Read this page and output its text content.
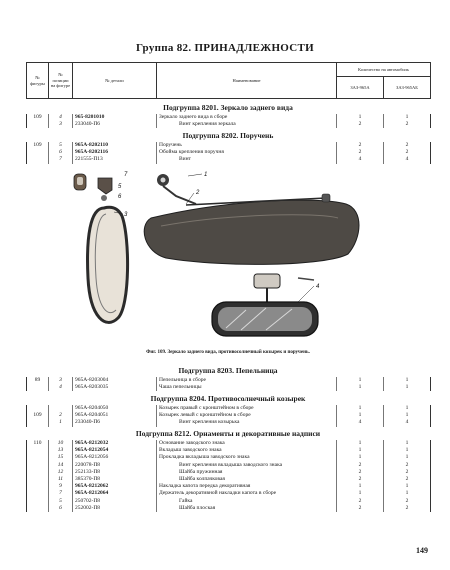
Группа 82. ПРИНАДЛЕЖНОСТИ
№ фигуры	№ позиции на фигуре	№ детали	Наименование	Количество на автомобиль	
				ЗАЗ-965А	ЗАЗ-965АБ
Подгруппа 8201. Зеркало заднего вида
109	4	965-8201010	Зеркало заднего вида в сборе	1	1
	3	233040-П6	Винт крепления зеркала	2	2
Подгруппа 8202. Поручень
109	5	965А-8202110	Поручень	2	2
	6	965А-8202116	Обойма крепления поручня	2	2
	7	221555-П13	Винт	4	4
1
2
3
4
5
6
7
Фиг. 109. Зеркало заднего вида, противосолнечный козырек и поручень.
Подгруппа 8203. Пепельница
89	3	965А-8203004	Пепельница в сборе	1	1
	4	965А-8203035	Чаша пепельницы	1	1
Подгруппа 8204. Противосолнечный козырек
		965А-8204050	Козырек правый с кронштейном в сборе	1	1
109	2	965А-8204051	Козырек левый с кронштейном в сборе	1	1
	1	233040-П6	Винт крепления козырька	4	4
Подгруппа 8212. Орнаменты и декоративные надписи
110	10	965А-8212032	Основание заводского знака	1	1
	13	965А-8212054	Вкладыш заводского знака	1	1
	15	965А-8212056	Прокладка вкладыша заводского знака	1	1
	14	220078-П8	Винт крепления вкладыша заводского знака	2	2
	12	252133-П8	Шайба пружинная	2	2
	11	385370-П8	Шайба колпачковая	2	2
	9	965А-8212062	Накладка капота передка декоративная	1	1
	7	965А-8212064	Держатель декоративной накладки капота в сборе	1	1
	5	250702-П8	Гайка	2	2
	6	252002-П8	Шайба плоская	2	2
149
